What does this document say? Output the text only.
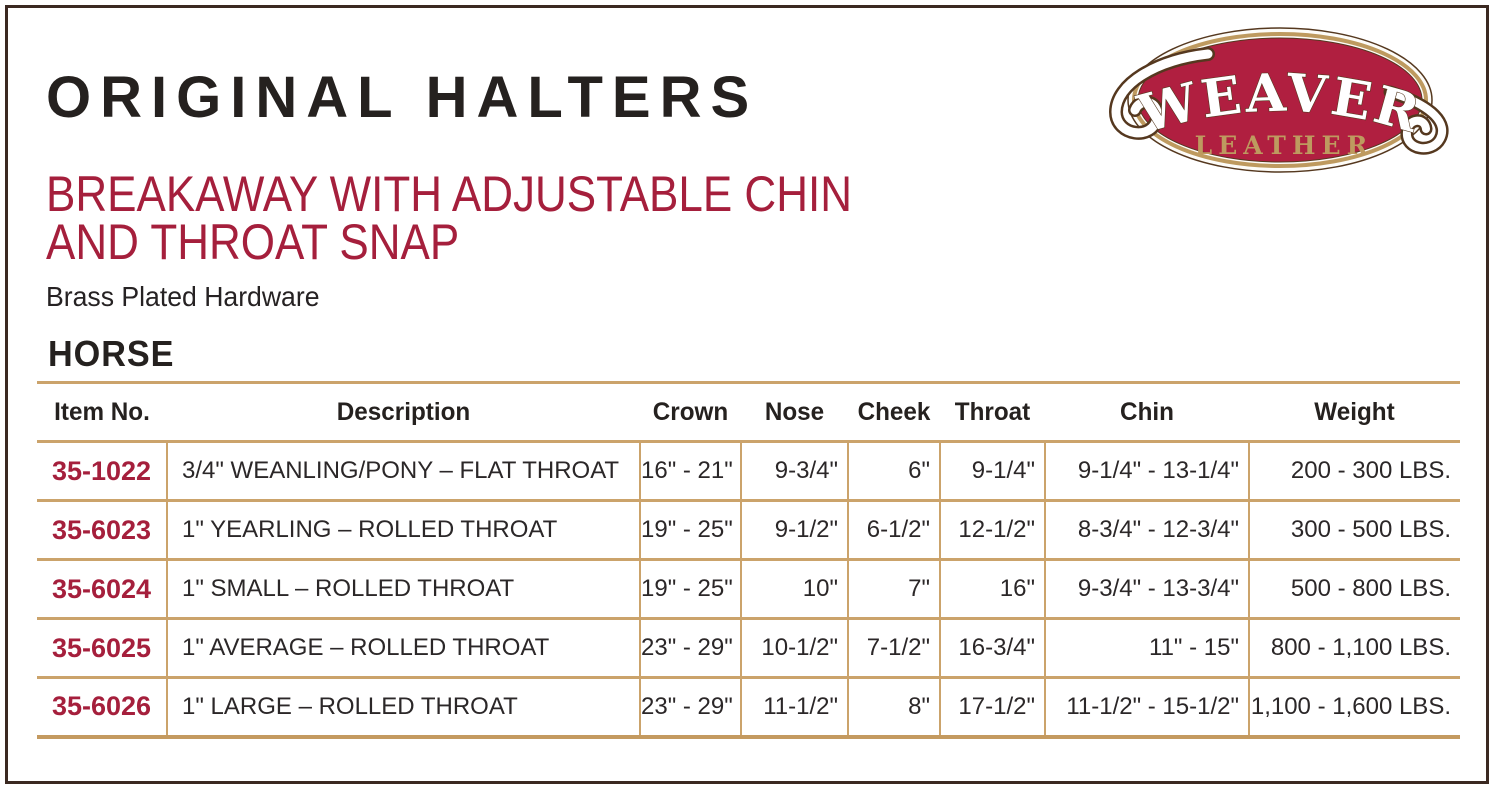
ORIGINAL HALTERS
BREAKAWAY WITH ADJUSTABLE CHIN
AND THROAT SNAP
Brass Plated Hardware
HORSE
WEAVER
LEATHER
Item No.	Description	Crown	Nose	Cheek	Throat	Chin	Weight
35-1022	3/4" WEANLING/PONY – FLAT THROAT	16" - 21"	9-3/4"	6"	9-1/4"	9-1/4" - 13-1/4"	200 - 300 LBS.
35-6023	1" YEARLING – ROLLED THROAT	19" - 25"	9-1/2"	6-1/2"	12-1/2"	8-3/4" - 12-3/4"	300 - 500 LBS.
35-6024	1" SMALL – ROLLED THROAT	19" - 25"	10"	7"	16"	9-3/4" - 13-3/4"	500 - 800 LBS.
35-6025	1" AVERAGE – ROLLED THROAT	23" - 29"	10-1/2"	7-1/2"	16-3/4"	11" - 15"	800 - 1,100 LBS.
35-6026	1" LARGE – ROLLED THROAT	23" - 29"	11-1/2"	8"	17-1/2"	11-1/2" - 15-1/2"	1,100 - 1,600 LBS.
